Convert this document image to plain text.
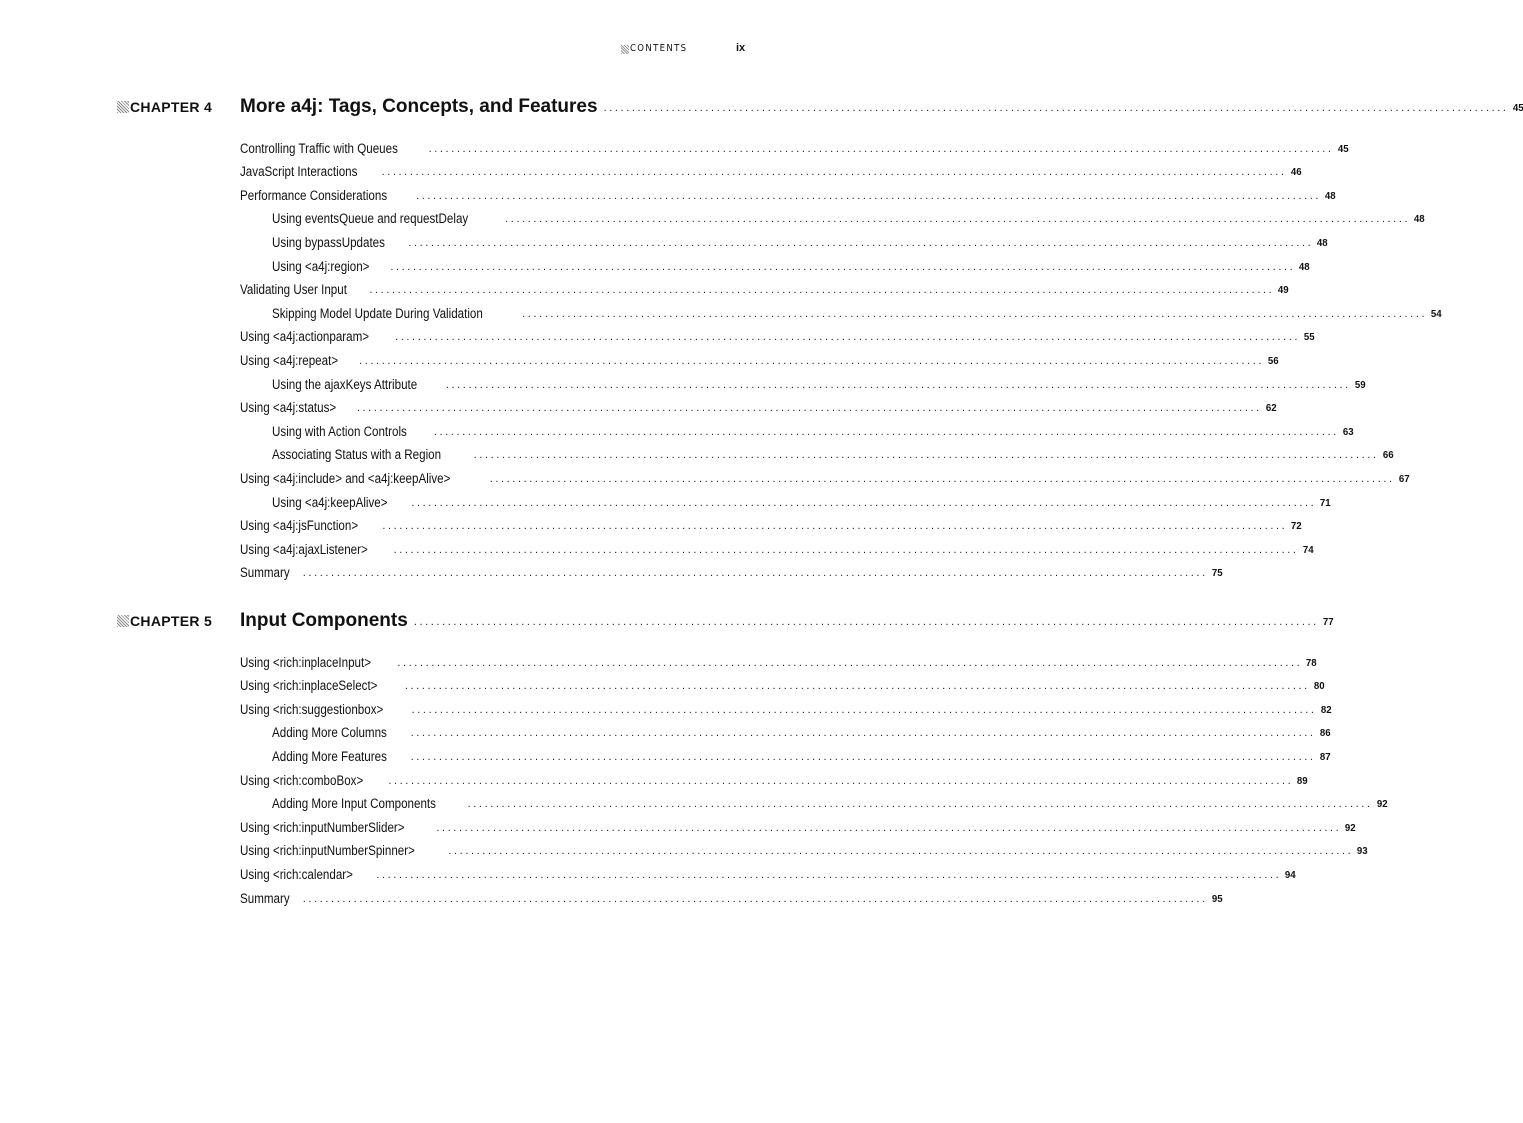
CONTENTS	ix
CHAPTER 4 More a4j: Tags, Concepts, and Features ................................................................................................................................................................ 45
Controlling Traffic with Queues	................................................................................................................................................................ 45
JavaScript Interactions ................................................................................................................................................................ 46
Performance Considerations	................................................................................................................................................................ 48
Using eventsQueue and requestDelay	................................................................................................................................................................ 48
Using bypassUpdates ................................................................................................................................................................ 48
Using <a4j:region> ................................................................................................................................................................ 48
Validating User Input ................................................................................................................................................................ 49
Skipping Model Update During Validation	................................................................................................................................................................ 54
Using <a4j:actionparam> ................................................................................................................................................................ 55
Using <a4j:repeat> ................................................................................................................................................................ 56
Using the ajaxKeys Attribute	................................................................................................................................................................ 59
Using <a4j:status> ................................................................................................................................................................ 62
Using with Action Controls ................................................................................................................................................................ 63
Associating Status with a Region	................................................................................................................................................................ 66
Using <a4j:include> and <a4j:keepAlive>	................................................................................................................................................................ 67
Using <a4j:keepAlive> ................................................................................................................................................................ 71
Using <a4j:jsFunction> ................................................................................................................................................................ 72
Using <a4j:ajaxListener> ................................................................................................................................................................ 74
Summary ................................................................................................................................................................ 75
CHAPTER 5 Input Components ................................................................................................................................................................ 77
Using <rich:inplaceInput> ................................................................................................................................................................ 78
Using <rich:inplaceSelect> ................................................................................................................................................................ 80
Using <rich:suggestionbox>	................................................................................................................................................................ 82
Adding More Columns ................................................................................................................................................................ 86
Adding More Features ................................................................................................................................................................ 87
Using <rich:comboBox> ................................................................................................................................................................ 89
Adding More Input Components	................................................................................................................................................................ 92
Using <rich:inputNumberSlider>	................................................................................................................................................................ 92
Using <rich:inputNumberSpinner>	................................................................................................................................................................ 93
Using <rich:calendar> ................................................................................................................................................................ 94
Summary ................................................................................................................................................................ 95
